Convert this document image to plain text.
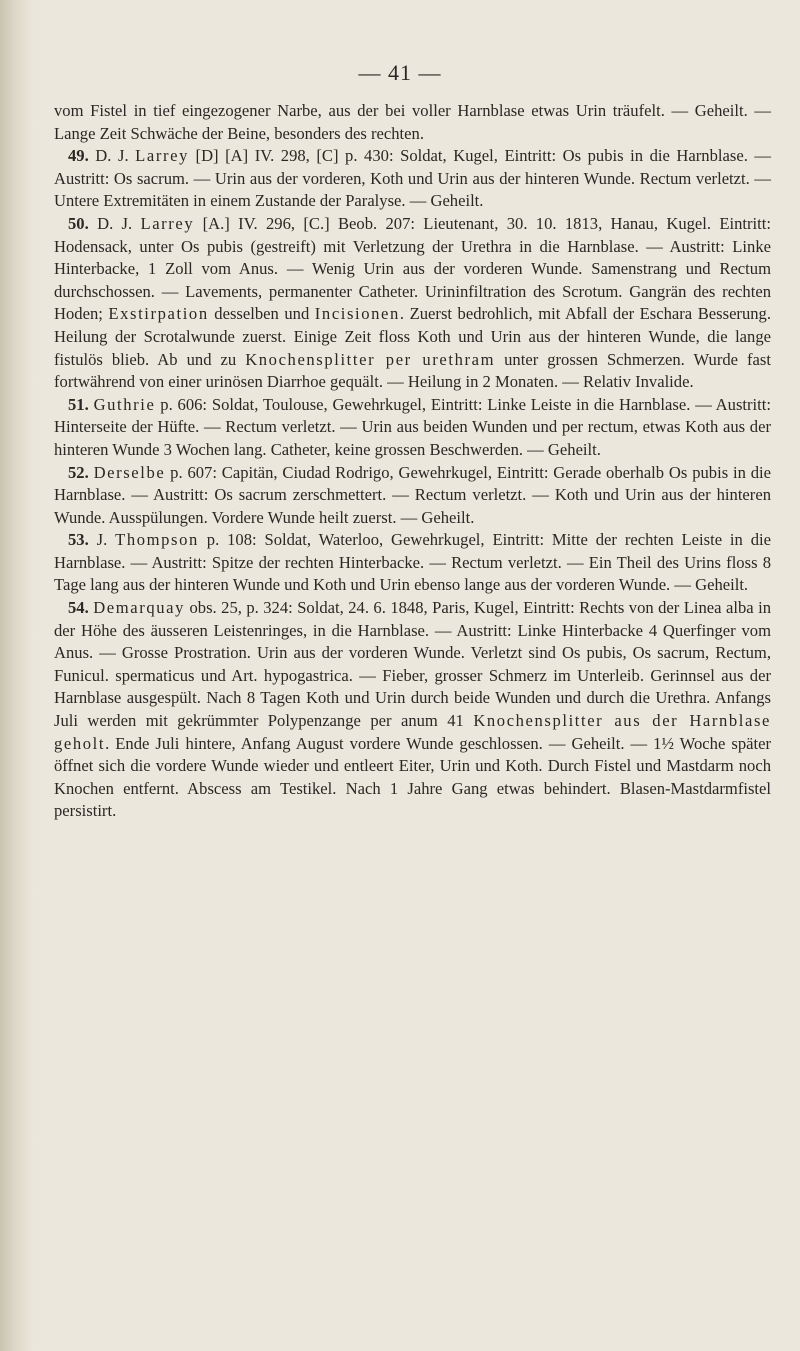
— 41 —

vom Fistel in tief eingezogener Narbe, aus der bei voller Harnblase etwas Urin träufelt. — Geheilt. — Lange Zeit Schwäche der Beine, besonders des rechten.

49. D. J. Larrey [D] [A] IV. 298, [C] p. 430: Soldat, Kugel, Eintritt: Os pubis in die Harnblase. — Austritt: Os sacrum. — Urin aus der vorderen, Koth und Urin aus der hinteren Wunde. Rectum verletzt. — Untere Extremitäten in einem Zustande der Paralyse. — Geheilt.

50. D. J. Larrey [A.] IV. 296, [C.] Beob. 207: Lieutenant, 30. 10. 1813, Hanau, Kugel. Eintritt: Hodensack, unter Os pubis (gestreift) mit Verletzung der Urethra in die Harnblase. — Austritt: Linke Hinterbacke, 1 Zoll vom Anus. — Wenig Urin aus der vorderen Wunde. Samenstrang und Rectum durchschossen. — Lavements, permanenter Catheter. Urininfiltration des Scrotum. Gangrän des rechten Hoden; Exstirpation desselben und Incisionen. Zuerst bedrohlich, mit Abfall der Eschara Besserung. Heilung der Scrotalwunde zuerst. Einige Zeit floss Koth und Urin aus der hinteren Wunde, die lange fistulös blieb. Ab und zu Knochensplitter per urethram unter grossen Schmerzen. Wurde fast fortwährend von einer urinösen Diarrhoe gequält. — Heilung in 2 Monaten. — Relativ Invalide.

51. Guthrie p. 606: Soldat, Toulouse, Gewehrkugel, Eintritt: Linke Leiste in die Harnblase. — Austritt: Hinterseite der Hüfte. — Rectum verletzt. — Urin aus beiden Wunden und per rectum, etwas Koth aus der hinteren Wunde 3 Wochen lang. Catheter, keine grossen Beschwerden. — Geheilt.

52. Derselbe p. 607: Capitän, Ciudad Rodrigo, Gewehrkugel, Eintritt: Gerade oberhalb Os pubis in die Harnblase. — Austritt: Os sacrum zerschmettert. — Rectum verletzt. — Koth und Urin aus der hinteren Wunde. Ausspülungen. Vordere Wunde heilt zuerst. — Geheilt.

53. J. Thompson p. 108: Soldat, Waterloo, Gewehrkugel, Eintritt: Mitte der rechten Leiste in die Harnblase. — Austritt: Spitze der rechten Hinterbacke. — Rectum verletzt. — Ein Theil des Urins floss 8 Tage lang aus der hinteren Wunde und Koth und Urin ebenso lange aus der vorderen Wunde. — Geheilt.

54. Demarquay obs. 25, p. 324: Soldat, 24. 6. 1848, Paris, Kugel, Eintritt: Rechts von der Linea alba in der Höhe des äusseren Leistenringes, in die Harnblase. — Austritt: Linke Hinterbacke 4 Querfinger vom Anus. — Grosse Prostration. Urin aus der vorderen Wunde. Verletzt sind Os pubis, Os sacrum, Rectum, Funicul. spermaticus und Art. hypogastrica. — Fieber, grosser Schmerz im Unterleib. Gerinnsel aus der Harnblase ausgespült. Nach 8 Tagen Koth und Urin durch beide Wunden und durch die Urethra. Anfangs Juli werden mit gekrümmter Polypenzange per anum 41 Knochensplitter aus der Harnblase geholt. Ende Juli hintere, Anfang August vordere Wunde geschlossen. — Geheilt. — 1½ Woche später öffnet sich die vordere Wunde wieder und entleert Eiter, Urin und Koth. Durch Fistel und Mastdarm noch Knochen entfernt. Abscess am Testikel. Nach 1 Jahre Gang etwas behindert. Blasen-Mastdarmfistel persistirt.
